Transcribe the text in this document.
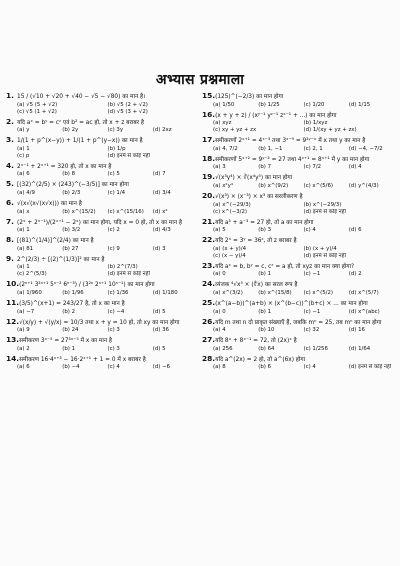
अभ्यास प्रश्नमाला
1. 15 / (√10 + √20 + √40 − √5 − √80) का मान है।
(a) √5 (5 + √2)	(b) √5 (2 + √2)
(c) √5 (1 + √2)	(d) √5 (3 + √2)
2. यदि aˣ = bʸ = cᶻ एवं b² = ac हो, तो x + z बराबर है
(a) y	(b) 2y	(c) 3y	(d) 2xz
3. 1/(1 + p^(x−y)) + 1/(1 + p^(y−x)) का मान है
(a) 1	(b) 1/p
(c) p	(d) इनमें से कोई नहीं
4. 2ˣ⁻¹ + 2ˣ⁺¹ = 320 हो, तो x का मान है
(a) 6	(b) 8	(c) 5	(d) 7
5. [(32)^(2/5) × (243)^(−3/5)] का मान होगा
(a) 4/9	(b) 2/3	(c) 1/4	(d) 3/4
6. √(x√(x√(x√x))) का मान है
(a) x	(b) x^(15/2)	(c) x^(15/16)	(d) x⁴
7. (2ˣ + 2ˣ⁻¹)/(2ˣ⁺¹ − 2ˣ) का मान होगा, यदि x = 0 हो, तो x का मान है
(a) 1	(b) 3/2	(c) 2	(d) 4/3
8. [(81)^(1/4)]^(2/4) का मान है
(a) 81	(b) 27	(c) 9	(d) 3
9. 2^(2/3) ÷ [(2)^(1/3)]² का मान है
(a) 1	(b) 2^(7/3)
(c) 2^(5/3)	(d) इनमें से कोई नहीं
10.(2ⁿ⁺¹ 3²ⁿ⁺¹ 5ⁿ⁻² 6ⁿ⁻³) / (3²ⁿ 2ⁿ⁺¹ 10ⁿ⁻¹) का मान होगा
(a) 1/960	(b) 1/96	(c) 1/36	(d) 1/180
11.(3/5)^(x+1) = 243/27 है, तो x का मान है
(a) −7	(b) 2	(c) −4	(d) 5
12.√(x/y) + √(y/x) = 10/3 तथा x + y = 10 हो, तो xy का मान होगा
(a) 9	(b) 24	(c) 3	(d) 36
13.समीकरण 3ˣ⁻⁵ = 27³ˣ⁻⁵ में x का मान है
(a) 2	(b) 1	(c) 3	(d) 5
14.समीकरण 16·4ˣ⁺³ − 16·2ˣ⁺¹ + 1 = 0 में x बराबर है
(a) 6	(b) −4	(c) 4	(d) −6
15.(125)^(−2/3) का मान होगा
(a) 1/50	(b) 1/25	(c) 1/20	(d) 1/15
16.(x + y + z) / (xʸ⁻¹ yᶻ⁻¹ zˣ⁻¹ + ...) का मान होगा
(a) xyz	(b) 1/xyz
(c) xy + yz + zx	(d) 1/(xy + yz + zx)
17.समीकरणों 2ˣ⁺¹ = 4ˣ⁻³ तथा 3ˣ⁻⁹ = 9²ʸ⁻ˣ में x तथा y का मान है
(a) 4, 7/2	(b) 1, −1	(c) 2, 1	(d) −4, −7/2
18.समीकरणों 5ˣ⁺² = 9ʸ⁻² = 27 तथा 4ˣ⁺¹ = 8ˣ⁺¹ में y का मान होगा
(a) 3	(b) 7	(c) 7/2	(d) 4
19.√(x³y⁴) × ∛(x⁴y⁵) का मान होगा
(a) x²y⁴	(b) x^(9/2)	(c) x^(5/6)	(d) y^(4/3)
20.√(x³) × (x⁻³) × x³ का सरलीकरण है
(a) x^(−29/3)	(b) x^(−29/3)
(c) x^(−3/2)	(d) इनमें से कोई नहीं
21.यदि a³ + a⁻³ = 27 हो, तो a का मान होगा
(a) 5	(b) 3	(c) 4	(d) 6
22.यदि 2ˣ = 3ʸ = 36ᶻ, तो z बराबर है
(a) (x + y)/4	(b) (x + y)/4
(c) (x − y)/4	(d) इनमें से कोई नहीं
23.यदि aˣ = b, bʸ = c, cᶻ = a हो, तो xyz का मान क्या होगा?
(a) 0	(b) 1	(c) −1	(d) 2
24.व्यंजक ⁴√x⁵ × (∜x) का सरल रूप है
(a) x^(3/2)	(b) x^(15/8)	(c) x^(5/2)	(d) x^(5/7)
25.(x^(a−b))^(a+b) × (x^(b−c))^(b+c) × ... का मान होगा
(a) 0	(b) 1	(c) −1	(d) x^(abc)
26.यदि m तथा n दो प्राकृत संख्याएँ हैं, जबकि mⁿ = 25, तब mⁿ का मान होगा
(a) 4	(b) 10	(c) 32	(d) 16
27.यदि 8ˣ + 8ˣ⁻¹ = 72, तो (2x)ˣ है
(a) 256	(b) 64	(c) 1/256	(d) 1/64
28.यदि a^(2x) = 2 हो, तो a^(6x) होगा
(a) 8	(b) 6	(c) 4	(d) इनमें से कोई नहीं
